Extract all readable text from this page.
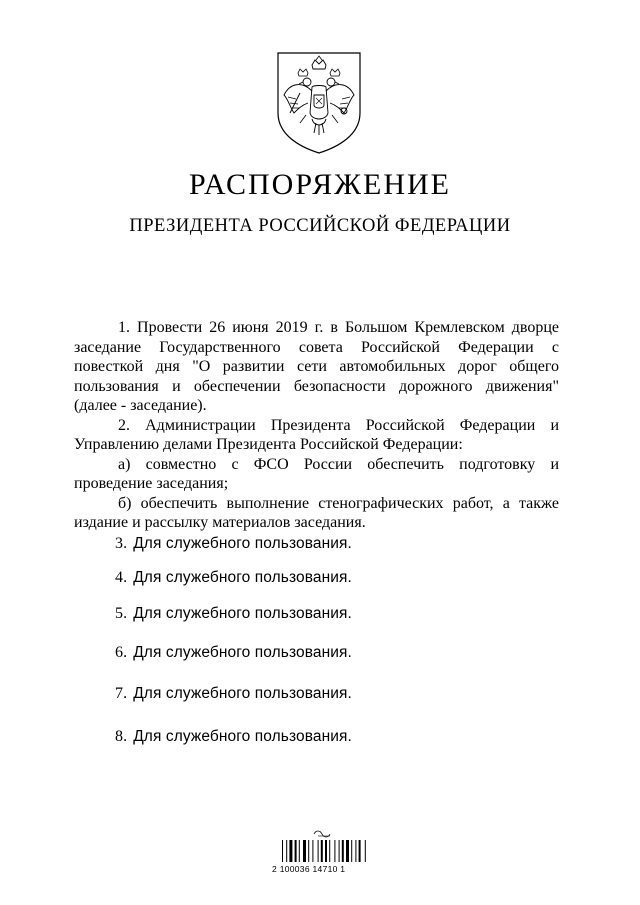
РАСПОРЯЖЕНИЕ
ПРЕЗИДЕНТА РОССИЙСКОЙ ФЕДЕРАЦИИ

1. Провести 26 июня 2019 г. в Большом Кремлевском дворце заседание Государственного совета Российской Федерации с повесткой дня "О развитии сети автомобильных дорог общего пользования и обеспечении безопасности дорожного движения" (далее - заседание).

2. Администрации Президента Российской Федерации и Управлению делами Президента Российской Федерации:

а) совместно с ФСО России обеспечить подготовку и проведение заседания;

б) обеспечить выполнение стенографических работ, а также издание и рассылку материалов заседания.

3. Для служебного пользования.
4. Для служебного пользования.
5. Для служебного пользования.
6. Для служебного пользования.
7. Для служебного пользования.
8. Для служебного пользования.
2 100036 14710 1
